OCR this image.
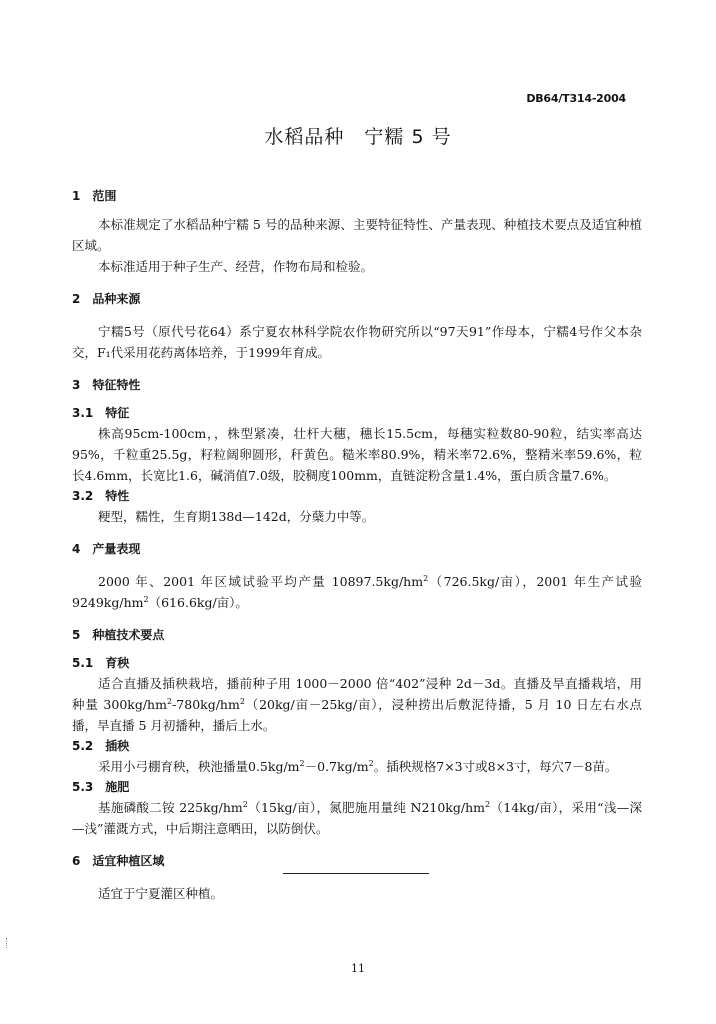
DB64/T314-2004
水稻品种　宁糯 5 号
1　范围

本标准规定了水稻品种宁糯 5 号的品种来源、主要特征特性、产量表现、种植技术要点及适宜种植区域。

本标准适用于种子生产、经营，作物布局和检验。

2　品种来源

宁糯5号（原代号花64）系宁夏农林科学院农作物研究所以“97天91”作母本，宁糯4号作父本杂交，F₁代采用花药离体培养，于1999年育成。

3　特征特性
3.1　特征

株高95cm-100cm，，株型紧凑，壮杆大穗，穗长15.5cm，每穗实粒数80-90粒，结实率高达95%，千粒重25.5g，籽粒阔卵圆形，秆黄色。糙米率80.9%，精米率72.6%，整精米率59.6%，粒长4.6mm，长宽比1.6，碱消值7.0级，胶稠度100mm，直链淀粉含量1.4%，蛋白质含量7.6%。

3.2　特性

粳型，糯性，生育期138d—142d，分蘖力中等。

4　产量表现

2000 年、2001 年区域试验平均产量 $10897.5kg/hm^2(726.5kg/$亩），2001 年生产试验 $9249kg/hm^2(616.6kg/$亩）。

5　种植技术要点
5.1　育秧

适合直播及插秧栽培，播前种子用 1000－2000 倍“402”浸种 2d－3d。直播及旱直播栽培，用种量 $300kg/hm^2-780kg/hm^2(20kg/$亩－25kg/亩），浸种捞出后敷泥待播，5 月 10 日左右水点播，旱直播 5 月初播种，播后上水。

5.2　插秧

采用小弓棚育秧，秧池播量$0.5kg/m^2-0.7kg/m^2$。插秧规格7×3寸或8×3寸，每穴7－8苗。

5.3　施肥

基施磷酸二铵 $225kg/hm^2(15kg/$亩），氮肥施用量纯 $N210kg/hm^2(14kg/$亩），采用“浅—深—浅”灌溉方式，中后期注意晒田，以防倒伏。

6　适宜种植区域

适宜于宁夏灌区种植。

11
